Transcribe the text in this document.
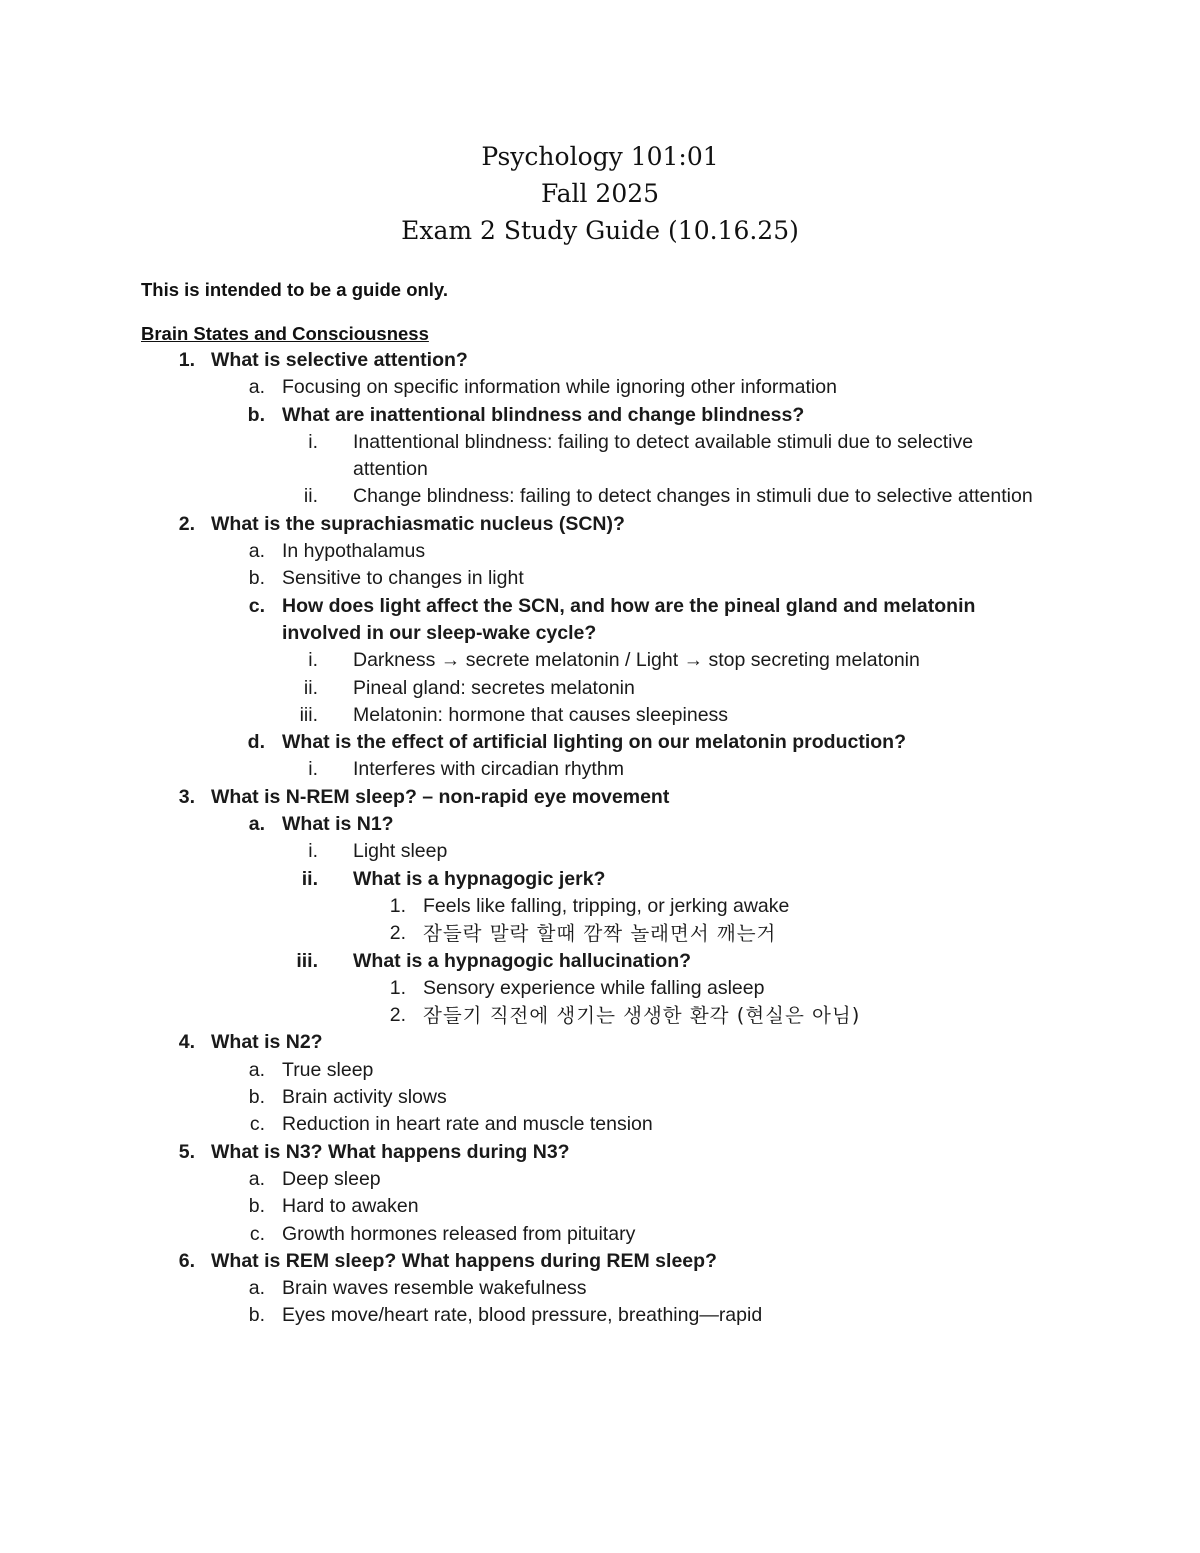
Psychology 101:01
Fall 2025
Exam 2 Study Guide (10.16.25)
This is intended to be a guide only.
Brain States and Consciousness
1. What is selective attention?
a. Focusing on specific information while ignoring other information
b. What are inattentional blindness and change blindness?
i. Inattentional blindness: failing to detect available stimuli due to selective attention
ii. Change blindness: failing to detect changes in stimuli due to selective attention
2. What is the suprachiasmatic nucleus (SCN)?
a. In hypothalamus
b. Sensitive to changes in light
c. How does light affect the SCN, and how are the pineal gland and melatonin involved in our sleep-wake cycle?
i. Darkness → secrete melatonin / Light → stop secreting melatonin
ii. Pineal gland: secretes melatonin
iii. Melatonin: hormone that causes sleepiness
d. What is the effect of artificial lighting on our melatonin production?
i. Interferes with circadian rhythm
3. What is N-REM sleep? – non-rapid eye movement
a. What is N1?
i. Light sleep
ii. What is a hypnagogic jerk?
1. Feels like falling, tripping, or jerking awake
2. 잠들락 말락 할때 깜짝 놀래면서 깨는거
iii. What is a hypnagogic hallucination?
1. Sensory experience while falling asleep
2. 잠들기 직전에 생기는 생생한 환각 (현실은 아님)
4. What is N2?
a. True sleep
b. Brain activity slows
c. Reduction in heart rate and muscle tension
5. What is N3? What happens during N3?
a. Deep sleep
b. Hard to awaken
c. Growth hormones released from pituitary
6. What is REM sleep? What happens during REM sleep?
a. Brain waves resemble wakefulness
b. Eyes move/heart rate, blood pressure, breathing—rapid
